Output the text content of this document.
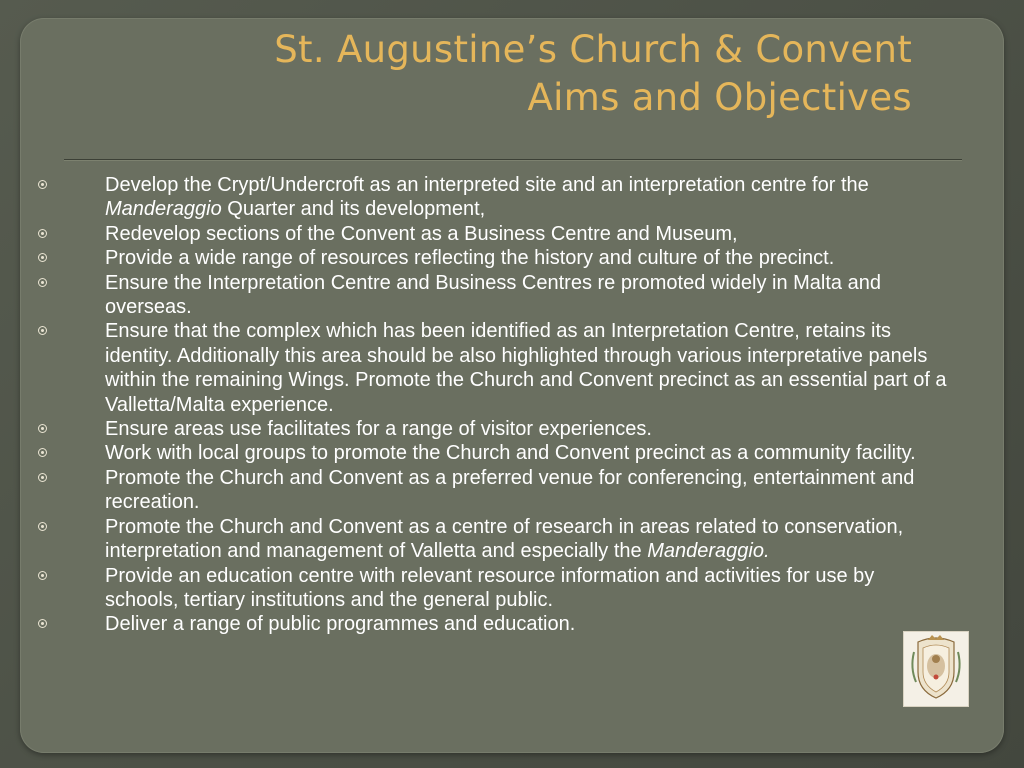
St. Augustine’s Church & Convent
Aims and Objectives
Develop the Crypt/Undercroft as an interpreted site and an interpretation centre for the Manderaggio Quarter and its development,
Redevelop sections of the Convent as a Business Centre and Museum,
Provide a wide range of resources reflecting the history and culture of the precinct.
Ensure the Interpretation Centre and Business Centres re promoted widely in Malta and overseas.
Ensure that the complex which has been identified as an Interpretation Centre, retains its identity. Additionally this area should be also highlighted through various interpretative panels within the remaining Wings. Promote the Church and Convent precinct as an essential part of a Valletta/Malta experience.
Ensure areas use facilitates for a range of visitor experiences.
Work with local groups to promote the Church and Convent precinct as a community facility.
Promote the Church and Convent as a preferred venue for conferencing, entertainment and recreation.
Promote the Church and Convent as a centre of research in areas related to conservation, interpretation and management of Valletta and especially the Manderaggio.
Provide an education centre with relevant resource information and activities for use by schools, tertiary institutions and the general public.
Deliver a range of public programmes and education.
